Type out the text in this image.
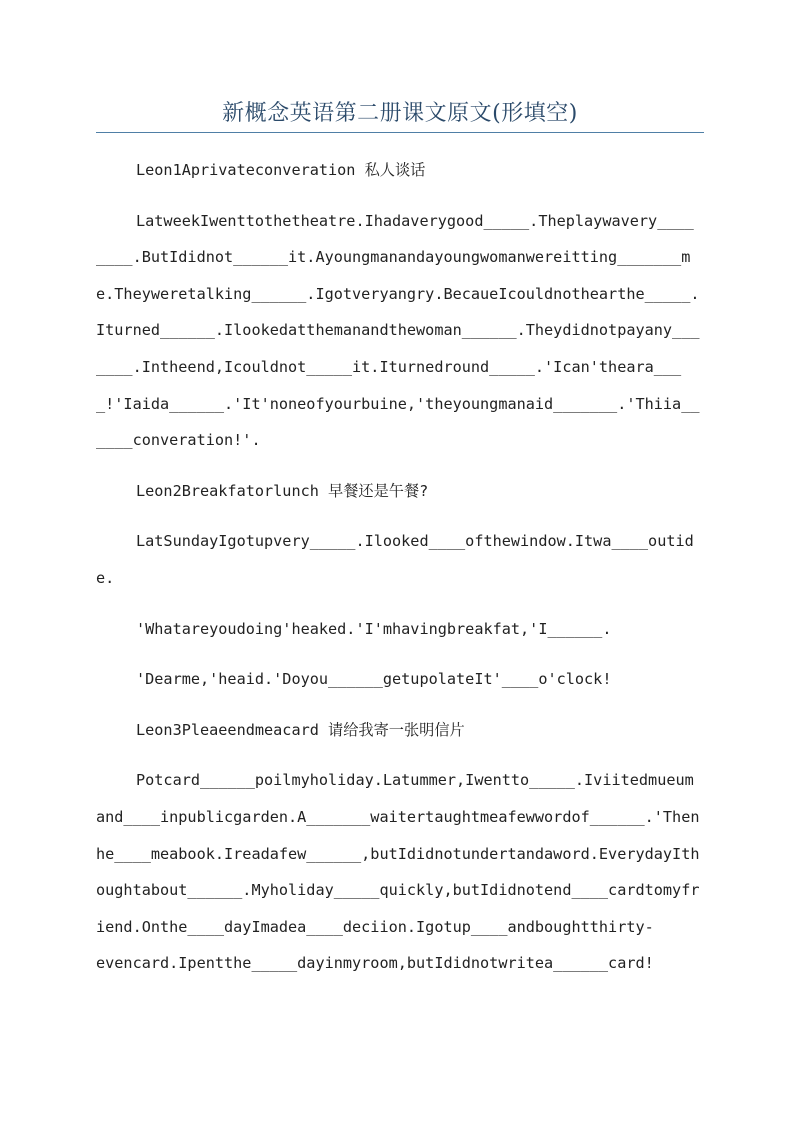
新概念英语第二册课文原文(形填空)

Leon1Aprivateconveration 私人谈话

LatweekIwenttothetheatre.Ihadaverygood_____.Theplaywavery________.ButIdidnot______it.Ayoungmanandayoungwomanwereitting_______me.Theyweretalking______.Igotveryangry.BecaueIcouldnothearthe_____.Iturned______.Ilookedatthemanandthewoman______.Theydidnotpayany_______.Intheend,Icouldnot_____it.Iturnedround_____.'Ican'theara____!'Iaida______.'It'noneofyourbuine,'theyoungmanaid_______.'Thiia______converation!'.

Leon2Breakfatorlunch 早餐还是午餐?

LatSundayIgotupvery_____.Ilooked____ofthewindow.Itwa____outide.

'Whatareyoudoing'heaked.'I'mhavingbreakfat,'I______.

'Dearme,'heaid.'Doyou______getupolateIt'____o'clock!

Leon3Pleaeendmeacard 请给我寄一张明信片

Potcard______poilmyholiday.Latummer,Iwentto_____.Iviitedmueumand____inpublicgarden.A_______waitertaughtmeafewwordof______.'Thenhe____meabook.Ireadafew______,butIdidnotundertandaword.EverydayIthoughtabout______.Myholiday_____quickly,butIdidnotend____cardtomyfriend.Onthe____dayImadea____deciion.Igotup____andboughtthirty-

evencard.Ipentthe_____dayinmyroom,butIdidnotwritea______card!
